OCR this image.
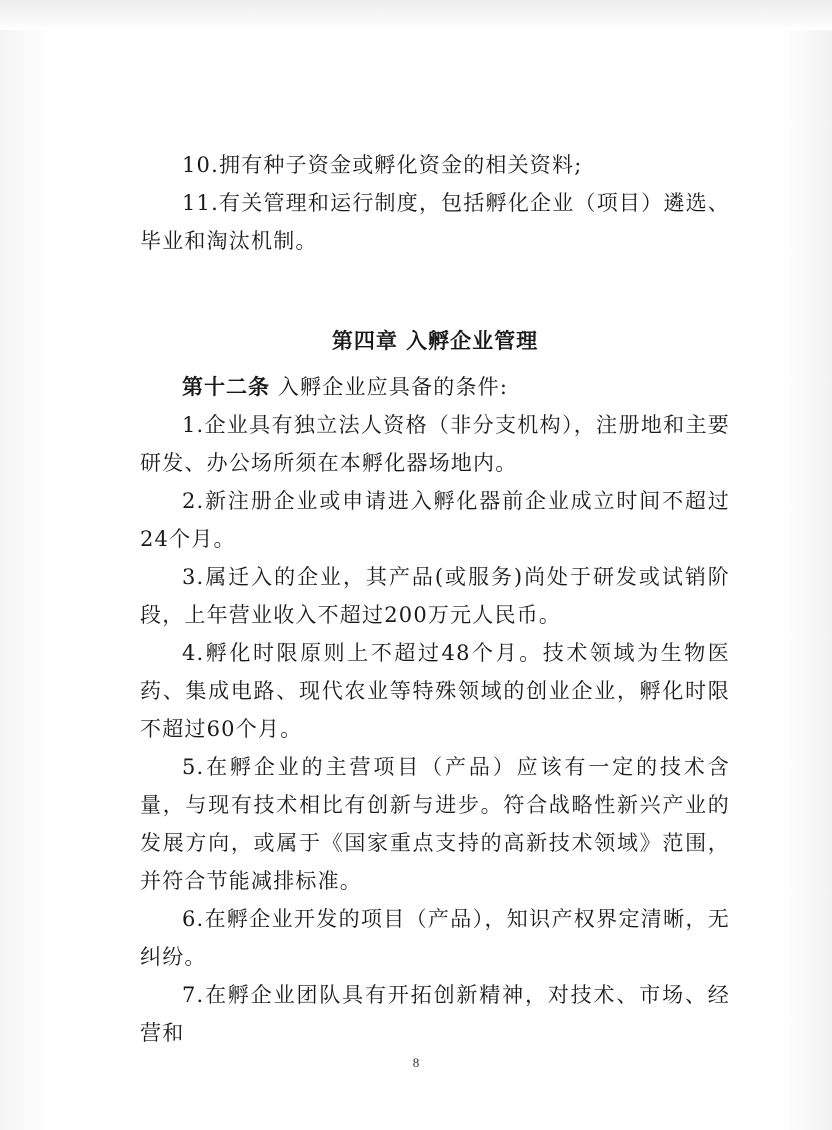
10.拥有种子资金或孵化资金的相关资料;

11.有关管理和运行制度，包括孵化企业（项目）遴选、毕业和淘汰机制。

第四章 入孵企业管理

第十二条 入孵企业应具备的条件:

1.企业具有独立法人资格（非分支机构），注册地和主要研发、办公场所须在本孵化器场地内。

2.新注册企业或申请进入孵化器前企业成立时间不超过24个月。

3.属迁入的企业，其产品(或服务)尚处于研发或试销阶段，上年营业收入不超过200万元人民币。

4.孵化时限原则上不超过48个月。技术领域为生物医药、集成电路、现代农业等特殊领域的创业企业，孵化时限不超过60个月。

5.在孵企业的主营项目（产品）应该有一定的技术含量，与现有技术相比有创新与进步。符合战略性新兴产业的发展方向，或属于《国家重点支持的高新技术领域》范围，并符合节能减排标准。

6.在孵企业开发的项目（产品），知识产权界定清晰，无纠纷。

7.在孵企业团队具有开拓创新精神，对技术、市场、经营和

8
